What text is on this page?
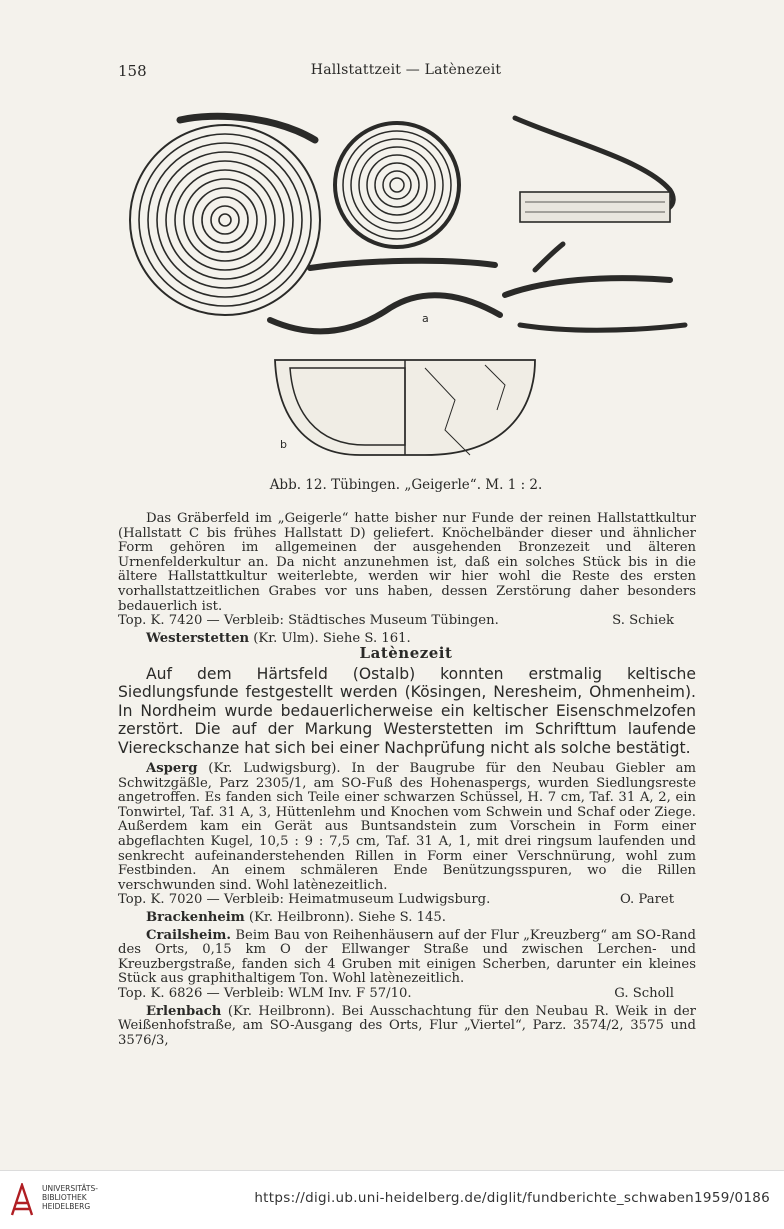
158	Hallstattzeit — Latènezeit
a
b
Abb. 12. Tübingen. „Geigerle“. M. 1 : 2.
Das Gräberfeld im „Geigerle“ hatte bisher nur Funde der reinen Hallstattkultur (Hallstatt C bis frühes Hallstatt D) geliefert. Knöchelbänder dieser und ähnlicher Form gehören im allgemeinen der ausgehenden Bronzezeit und älteren Urnenfelderkultur an. Da nicht anzunehmen ist, daß ein solches Stück bis in die ältere Hallstattkultur weiterlebte, werden wir hier wohl die Reste des ersten vorhallstattzeitlichen Grabes vor uns haben, dessen Zerstörung daher besonders bedauerlich ist.
Top. K. 7420 — Verbleib: Städtisches Museum Tübingen.	S. Schiek
Westerstetten (Kr. Ulm). Siehe S. 161.
Latènezeit
Auf dem Härtsfeld (Ostalb) konnten erstmalig keltische Siedlungsfunde festgestellt werden (Kösingen, Neresheim, Ohmenheim). In Nordheim wurde bedauerlicherweise ein keltischer Eisenschmelzofen zerstört. Die auf der Markung Westerstetten im Schrifttum laufende Viereckschanze hat sich bei einer Nachprüfung nicht als solche bestätigt.
Asperg (Kr. Ludwigsburg). In der Baugrube für den Neubau Giebler am Schwitzgäßle, Parz 2305/1, am SO-Fuß des Hohenaspergs, wurden Siedlungsreste angetroffen. Es fanden sich Teile einer schwarzen Schüssel, H. 7 cm, Taf. 31 A, 2, ein Tonwirtel, Taf. 31 A, 3, Hüttenlehm und Knochen vom Schwein und Schaf oder Ziege. Außerdem kam ein Gerät aus Buntsandstein zum Vorschein in Form einer abgeflachten Kugel, 10,5 : 9 : 7,5 cm, Taf. 31 A, 1, mit drei ringsum laufenden und senkrecht aufeinanderstehenden Rillen in Form einer Verschnürung, wohl zum Festbinden. An einem schmäleren Ende Benützungsspuren, wo die Rillen verschwunden sind. Wohl latènezeitlich.
Top. K. 7020 — Verbleib: Heimatmuseum Ludwigsburg.	O. Paret
Brackenheim (Kr. Heilbronn). Siehe S. 145.
Crailsheim. Beim Bau von Reihenhäusern auf der Flur „Kreuzberg“ am SO-Rand des Orts, 0,15 km O der Ellwanger Straße und zwischen Lerchen- und Kreuzbergstraße, fanden sich 4 Gruben mit einigen Scherben, darunter ein kleines Stück aus graphithaltigem Ton. Wohl latènezeitlich.
Top. K. 6826 — Verbleib: WLM Inv. F 57/10.	G. Scholl
Erlenbach (Kr. Heilbronn). Bei Ausschachtung für den Neubau R. Weik in der Weißenhofstraße, am SO-Ausgang des Orts, Flur „Viertel“, Parz. 3574/2, 3575 und 3576/3,
UNIVERSITÄTS-
BIBLIOTHEK
HEIDELBERG
https://digi.ub.uni-heidelberg.de/diglit/fundberichte_schwaben1959/0186
